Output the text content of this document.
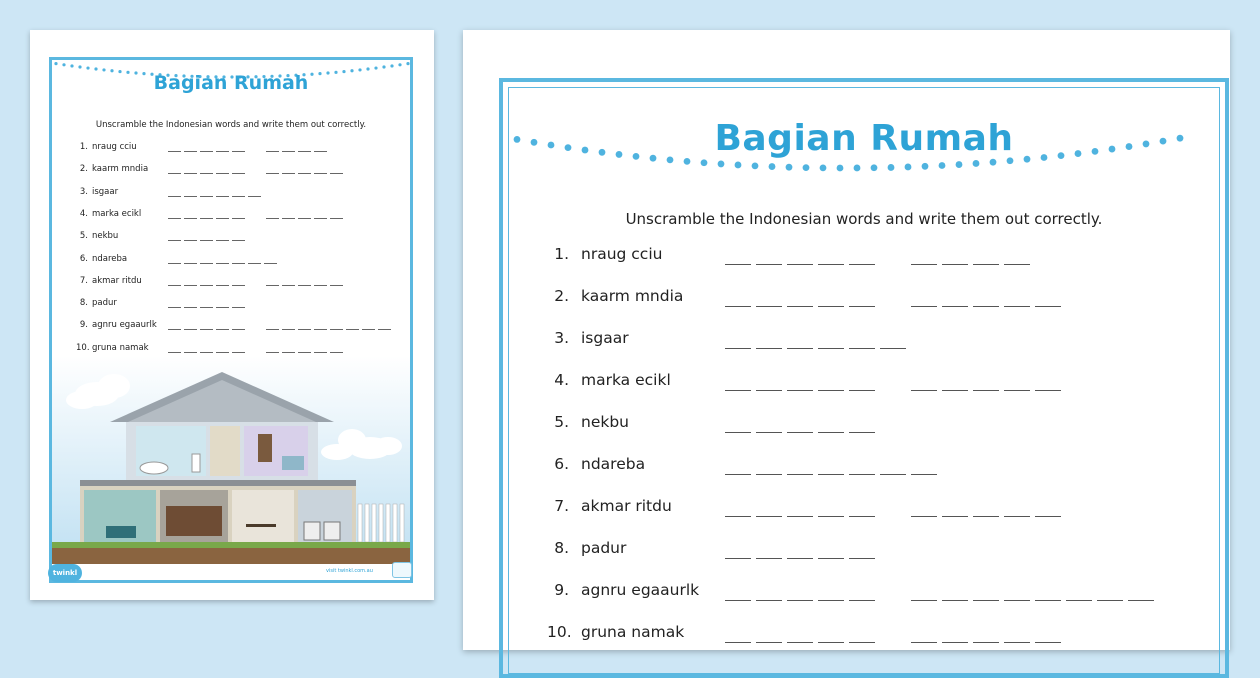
Bagian Rumah
Unscramble the Indonesian words and write them out correctly.
1. nraug cciu
2. kaarm mndia
3. isgaar
4. marka ecikl
5. nekbu
6. ndareba
7. akmar ritdu
8. padur
9. agnru egaaurlk
10. gruna namak
twinkl	visit twinkl.com.au
Bagian Rumah
Unscramble the Indonesian words and write them out correctly.
1. nraug cciu
2. kaarm mndia
3. isgaar
4. marka ecikl
5. nekbu
6. ndareba
7. akmar ritdu
8. padur
9. agnru egaaurlk
10. gruna namak
